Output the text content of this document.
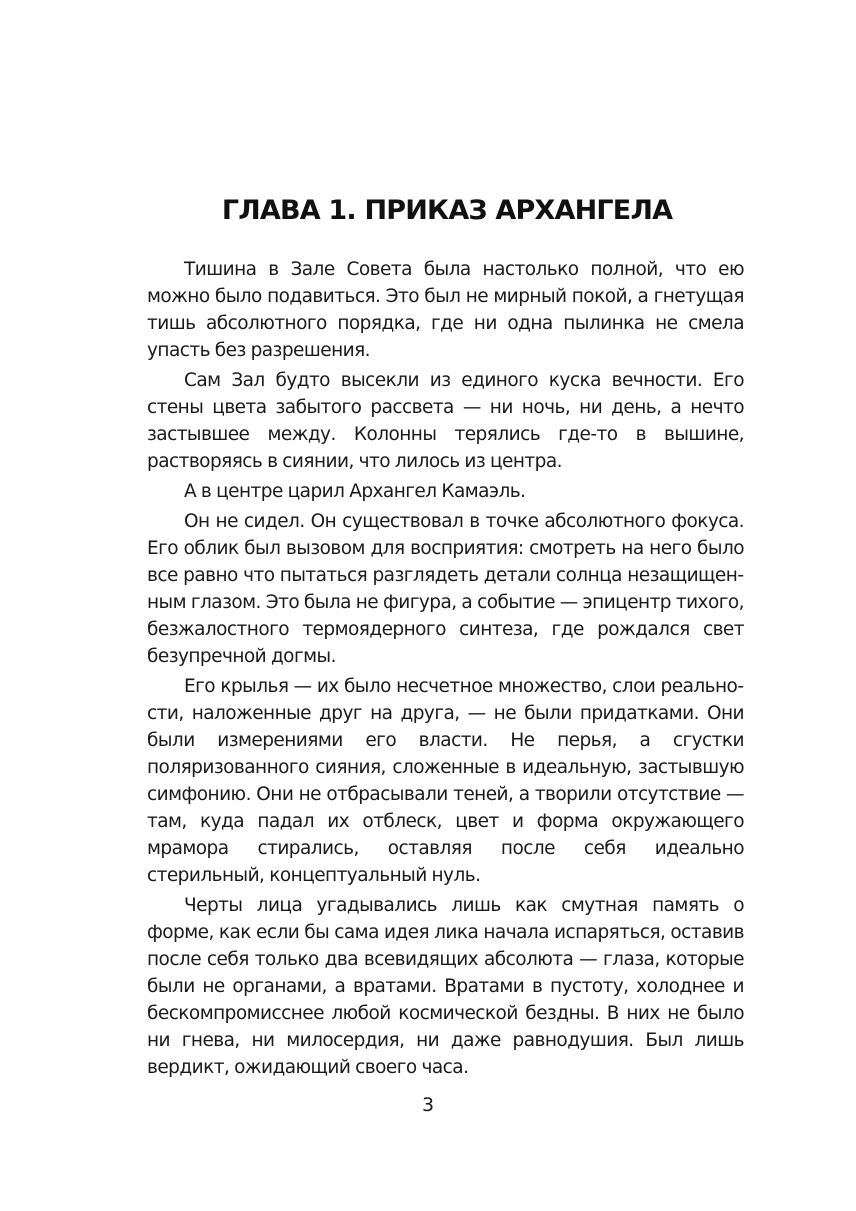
ГЛАВА 1. ПРИКАЗ АРХАНГЕЛА

Тишина в Зале Совета была настолько полной, что ею можно было подавиться. Это был не мирный покой, а гнетущая тишь абсолютного порядка, где ни одна пылинка не смела упасть без разрешения.

Сам Зал будто высекли из единого куска вечности. Его стены цвета забытого рассвета — ни ночь, ни день, а нечто застывшее между. Колонны терялись где-то в вышине, растворяясь в сиянии, что лилось из центра.

А в центре царил Архангел Камаэль.

Он не сидел. Он существовал в точке абсолютного фокуса. Его облик был вызовом для восприятия: смотреть на него было все равно что пытаться разглядеть детали солнца незащищенным глазом. Это была не фигура, а событие — эпицентр тихого, безжалостного термоядерного синтеза, где рождался свет безупречной догмы.

Его крылья — их было несчетное множество, слои реальности, наложенные друг на друга, — не были придатками. Они были измерениями его власти. Не перья, а сгустки поляризованного сияния, сложенные в идеальную, застывшую симфонию. Они не отбрасывали теней, а творили отсутствие — там, куда падал их отблеск, цвет и форма окружающего мрамора стирались, оставляя после себя идеально стерильный, концептуальный нуль.

Черты лица угадывались лишь как смутная память о форме, как если бы сама идея лика начала испаряться, оставив после себя только два всевидящих абсолюта — глаза, которые были не органами, а вратами. Вратами в пустоту, холоднее и бескомпромисснее любой космической бездны. В них не было ни гнева, ни милосердия, ни даже равнодушия. Был лишь вердикт, ожидающий своего часа.

3
